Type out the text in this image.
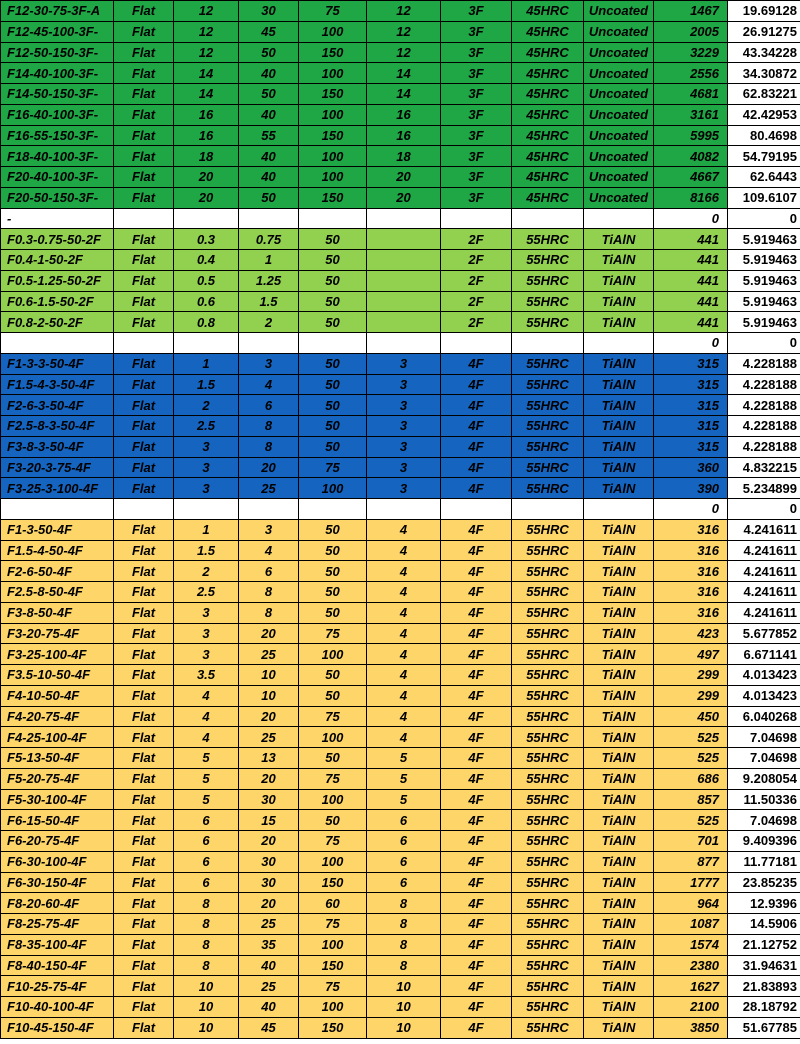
F12-30-75-3F-A	Flat	12	30	75	12	3F	45HRC	Uncoated	1467	19.69128
F12-45-100-3F-	Flat	12	45	100	12	3F	45HRC	Uncoated	2005	26.91275
F12-50-150-3F-	Flat	12	50	150	12	3F	45HRC	Uncoated	3229	43.34228
F14-40-100-3F-	Flat	14	40	100	14	3F	45HRC	Uncoated	2556	34.30872
F14-50-150-3F-	Flat	14	50	150	14	3F	45HRC	Uncoated	4681	62.83221
F16-40-100-3F-	Flat	16	40	100	16	3F	45HRC	Uncoated	3161	42.42953
F16-55-150-3F-	Flat	16	55	150	16	3F	45HRC	Uncoated	5995	80.4698
F18-40-100-3F-	Flat	18	40	100	18	3F	45HRC	Uncoated	4082	54.79195
F20-40-100-3F-	Flat	20	40	100	20	3F	45HRC	Uncoated	4667	62.6443
F20-50-150-3F-	Flat	20	50	150	20	3F	45HRC	Uncoated	8166	109.6107
-									0	0
F0.3-0.75-50-2F	Flat	0.3	0.75	50		2F	55HRC	TiAlN	441	5.919463
F0.4-1-50-2F	Flat	0.4	1	50		2F	55HRC	TiAlN	441	5.919463
F0.5-1.25-50-2F	Flat	0.5	1.25	50		2F	55HRC	TiAlN	441	5.919463
F0.6-1.5-50-2F	Flat	0.6	1.5	50		2F	55HRC	TiAlN	441	5.919463
F0.8-2-50-2F	Flat	0.8	2	50		2F	55HRC	TiAlN	441	5.919463
									0	0
F1-3-3-50-4F	Flat	1	3	50	3	4F	55HRC	TiAlN	315	4.228188
F1.5-4-3-50-4F	Flat	1.5	4	50	3	4F	55HRC	TiAlN	315	4.228188
F2-6-3-50-4F	Flat	2	6	50	3	4F	55HRC	TiAlN	315	4.228188
F2.5-8-3-50-4F	Flat	2.5	8	50	3	4F	55HRC	TiAlN	315	4.228188
F3-8-3-50-4F	Flat	3	8	50	3	4F	55HRC	TiAlN	315	4.228188
F3-20-3-75-4F	Flat	3	20	75	3	4F	55HRC	TiAlN	360	4.832215
F3-25-3-100-4F	Flat	3	25	100	3	4F	55HRC	TiAlN	390	5.234899
									0	0
F1-3-50-4F	Flat	1	3	50	4	4F	55HRC	TiAlN	316	4.241611
F1.5-4-50-4F	Flat	1.5	4	50	4	4F	55HRC	TiAlN	316	4.241611
F2-6-50-4F	Flat	2	6	50	4	4F	55HRC	TiAlN	316	4.241611
F2.5-8-50-4F	Flat	2.5	8	50	4	4F	55HRC	TiAlN	316	4.241611
F3-8-50-4F	Flat	3	8	50	4	4F	55HRC	TiAlN	316	4.241611
F3-20-75-4F	Flat	3	20	75	4	4F	55HRC	TiAlN	423	5.677852
F3-25-100-4F	Flat	3	25	100	4	4F	55HRC	TiAlN	497	6.671141
F3.5-10-50-4F	Flat	3.5	10	50	4	4F	55HRC	TiAlN	299	4.013423
F4-10-50-4F	Flat	4	10	50	4	4F	55HRC	TiAlN	299	4.013423
F4-20-75-4F	Flat	4	20	75	4	4F	55HRC	TiAlN	450	6.040268
F4-25-100-4F	Flat	4	25	100	4	4F	55HRC	TiAlN	525	7.04698
F5-13-50-4F	Flat	5	13	50	5	4F	55HRC	TiAlN	525	7.04698
F5-20-75-4F	Flat	5	20	75	5	4F	55HRC	TiAlN	686	9.208054
F5-30-100-4F	Flat	5	30	100	5	4F	55HRC	TiAlN	857	11.50336
F6-15-50-4F	Flat	6	15	50	6	4F	55HRC	TiAlN	525	7.04698
F6-20-75-4F	Flat	6	20	75	6	4F	55HRC	TiAlN	701	9.409396
F6-30-100-4F	Flat	6	30	100	6	4F	55HRC	TiAlN	877	11.77181
F6-30-150-4F	Flat	6	30	150	6	4F	55HRC	TiAlN	1777	23.85235
F8-20-60-4F	Flat	8	20	60	8	4F	55HRC	TiAlN	964	12.9396
F8-25-75-4F	Flat	8	25	75	8	4F	55HRC	TiAlN	1087	14.5906
F8-35-100-4F	Flat	8	35	100	8	4F	55HRC	TiAlN	1574	21.12752
F8-40-150-4F	Flat	8	40	150	8	4F	55HRC	TiAlN	2380	31.94631
F10-25-75-4F	Flat	10	25	75	10	4F	55HRC	TiAlN	1627	21.83893
F10-40-100-4F	Flat	10	40	100	10	4F	55HRC	TiAlN	2100	28.18792
F10-45-150-4F	Flat	10	45	150	10	4F	55HRC	TiAlN	3850	51.67785
